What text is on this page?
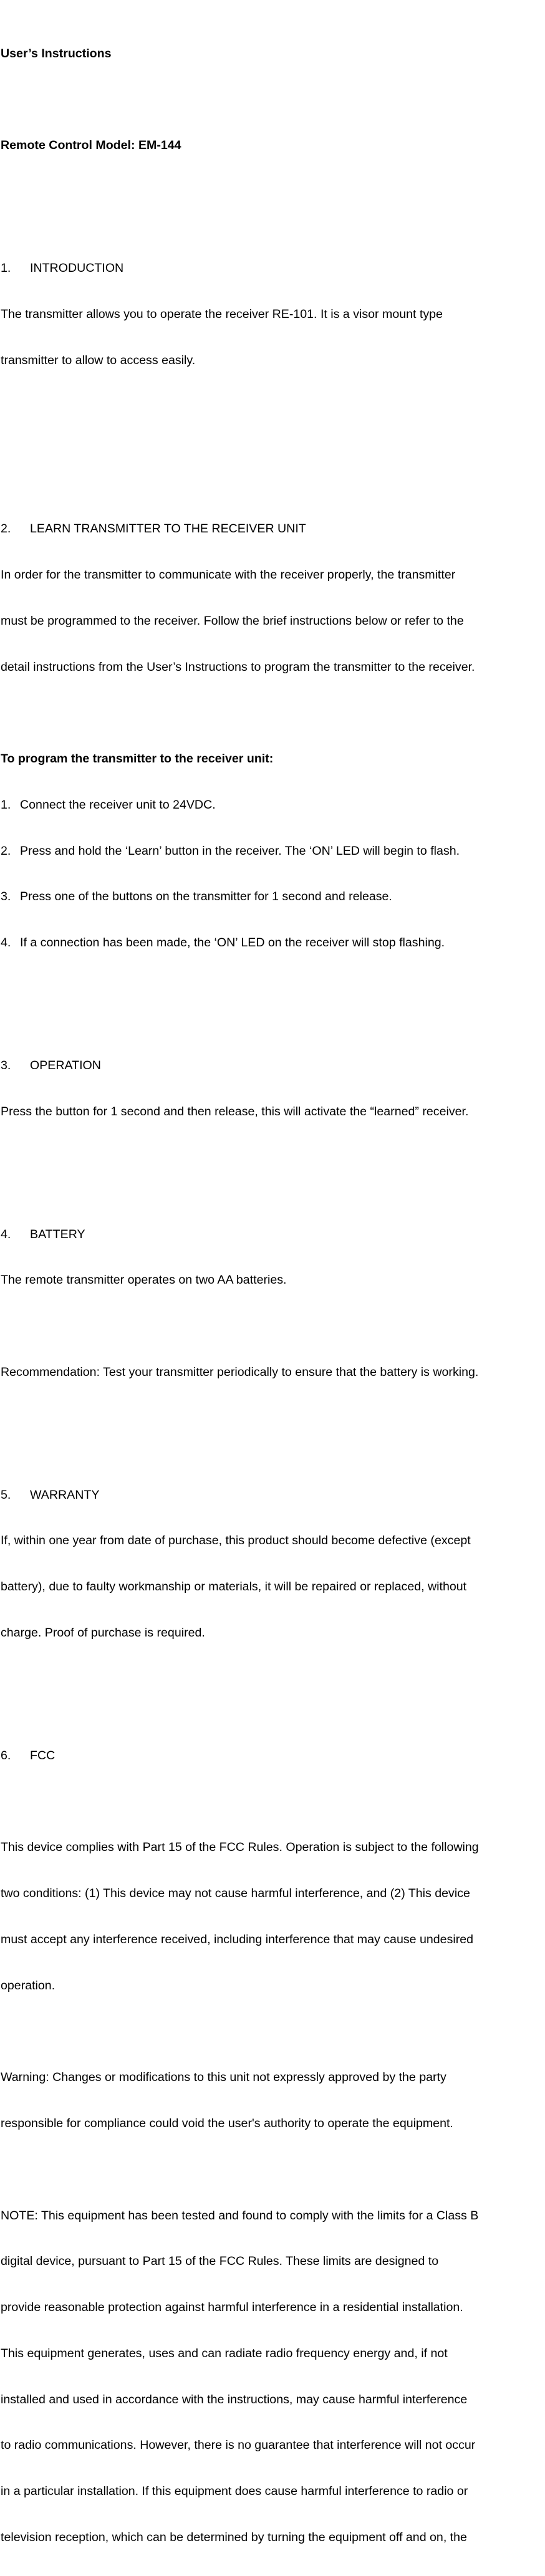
User’s Instructions

Remote Control Model: EM-144

1. INTRODUCTION

The transmitter allows you to operate the receiver RE-101. It is a visor mount type

transmitter to allow to access easily.

2. LEARN TRANSMITTER TO THE RECEIVER UNIT

In order for the transmitter to communicate with the receiver properly, the transmitter

must be programmed to the receiver. Follow the brief instructions below or refer to the

detail instructions from the User’s Instructions to program the transmitter to the receiver.

To program the transmitter to the receiver unit:

1. Connect the receiver unit to 24VDC.

2. Press and hold the ‘Learn’ button in the receiver. The ‘ON’ LED will begin to flash.

3. Press one of the buttons on the transmitter for 1 second and release.

4. If a connection has been made, the ‘ON’ LED on the receiver will stop flashing.

3. OPERATION

Press the button for 1 second and then release, this will activate the “learned” receiver.

4. BATTERY

The remote transmitter operates on two AA batteries.

Recommendation: Test your transmitter periodically to ensure that the battery is working.

5. WARRANTY

If, within one year from date of purchase, this product should become defective (except

battery), due to faulty workmanship or materials, it will be repaired or replaced, without

charge. Proof of purchase is required.

6. FCC

This device complies with Part 15 of the FCC Rules. Operation is subject to the following

two conditions: (1) This device may not cause harmful interference, and (2) This device

must accept any interference received, including interference that may cause undesired

operation.

Warning: Changes or modifications to this unit not expressly approved by the party

responsible for compliance could void the user's authority to operate the equipment.

NOTE: This equipment has been tested and found to comply with the limits for a Class B

digital device, pursuant to Part 15 of the FCC Rules. These limits are designed to

provide reasonable protection against harmful interference in a residential installation.

This equipment generates, uses and can radiate radio frequency energy and, if not

installed and used in accordance with the instructions, may cause harmful interference

to radio communications. However, there is no guarantee that interference will not occur

in a particular installation. If this equipment does cause harmful interference to radio or

television reception, which can be determined by turning the equipment off and on, the
